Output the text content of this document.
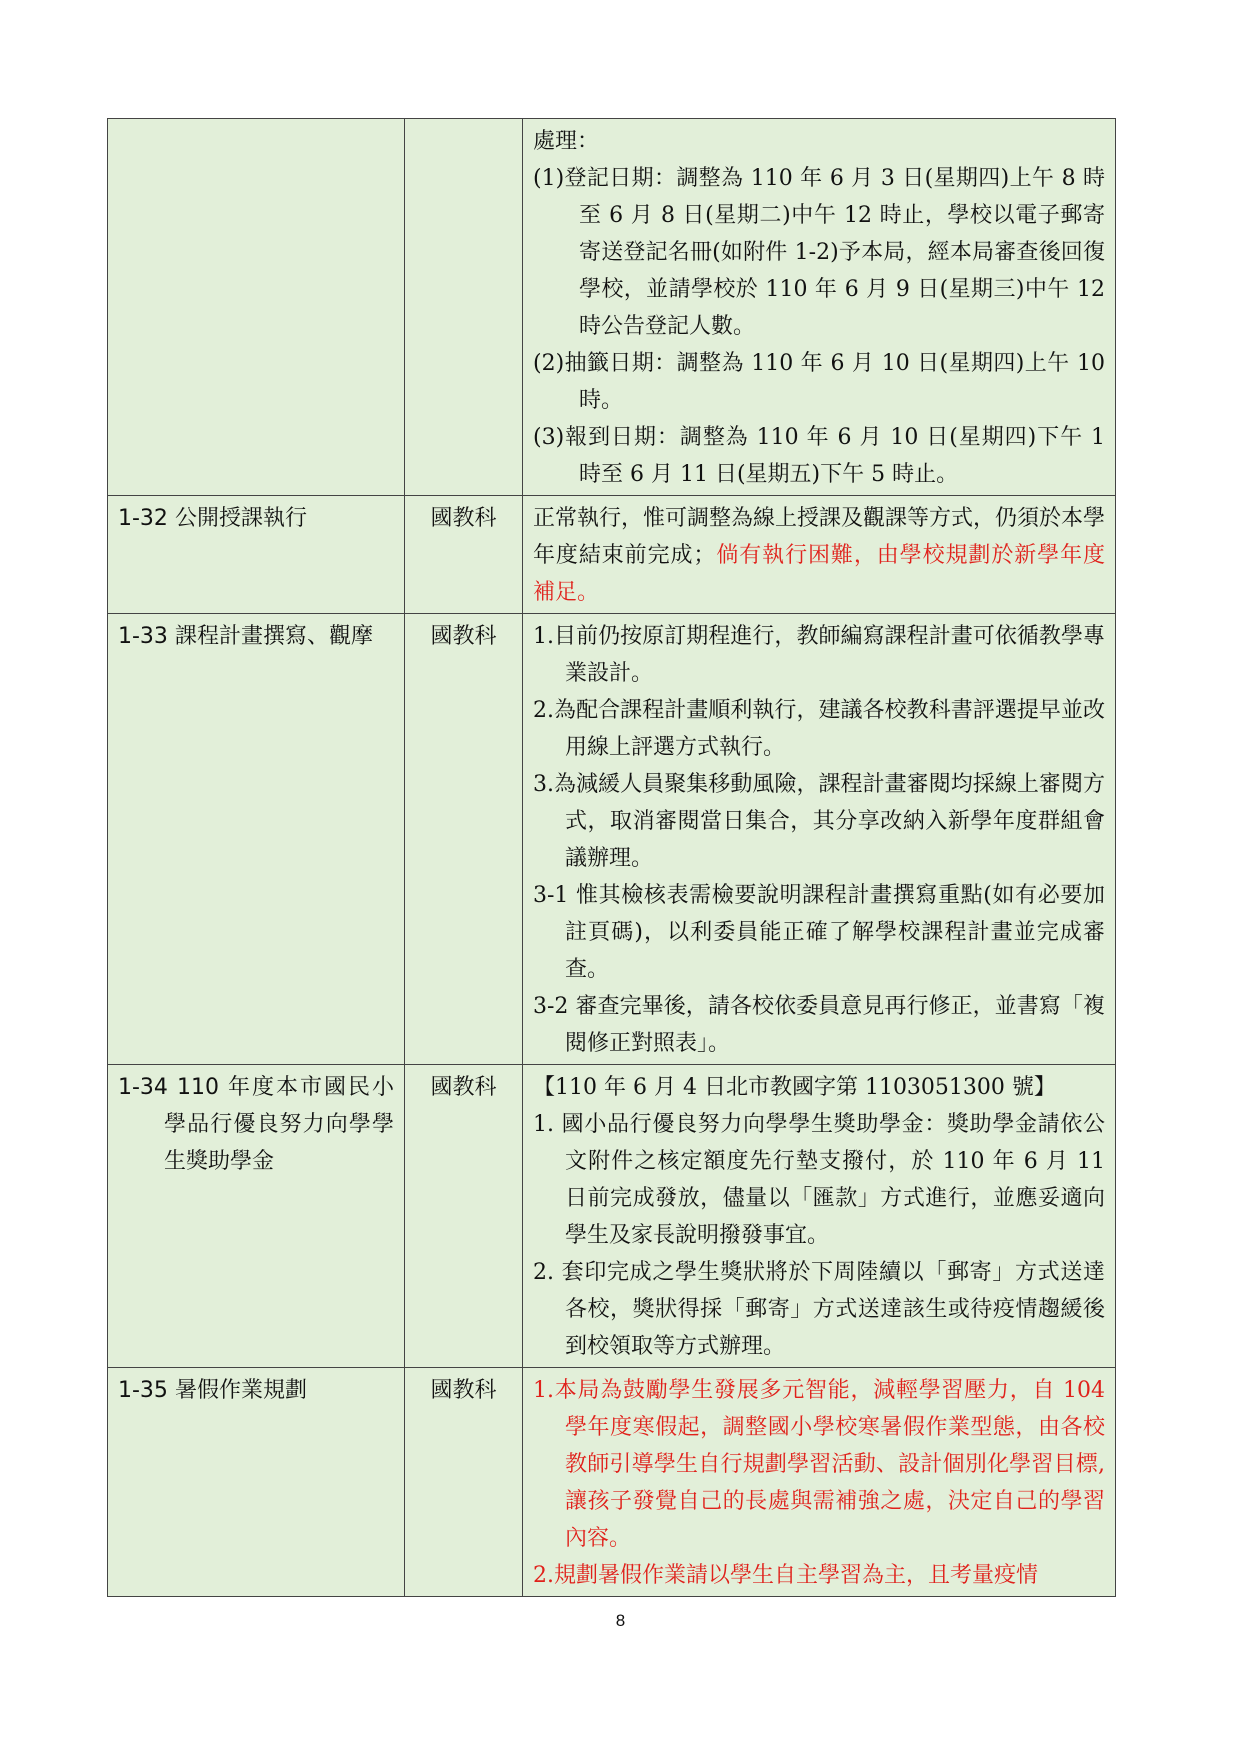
		處理：

(1)登記日期：調整為 110 年 6 月 3 日(星期四)上午 8 時至 6 月 8 日(星期二)中午 12 時止，學校以電子郵寄寄送登記名冊(如附件 1-2)予本局，經本局審查後回復學校，並請學校於 110 年 6 月 9 日(星期三)中午 12 時公告登記人數。

(2)抽籤日期：調整為 110 年 6 月 10 日(星期四)上午 10 時。

(3)報到日期：調整為 110 年 6 月 10 日(星期四)下午 1 時至 6 月 11 日(星期五)下午 5 時止。

1-32 公開授課執行	國教科	正常執行，惟可調整為線上授課及觀課等方式，仍須於本學年度結束前完成；倘有執行困難，由學校規劃於新學年度補足。

1-33 課程計畫撰寫、觀摩	國教科	1.目前仍按原訂期程進行，教師編寫課程計畫可依循教學專業設計。

2.為配合課程計畫順利執行，建議各校教科書評選提早並改用線上評選方式執行。

3.為減緩人員聚集移動風險，課程計畫審閱均採線上審閱方式，取消審閱當日集合，其分享改納入新學年度群組會議辦理。

3-1 惟其檢核表需檢要說明課程計畫撰寫重點(如有必要加註頁碼)，以利委員能正確了解學校課程計畫並完成審查。

3-2 審查完畢後，請各校依委員意見再行修正，並書寫「複閱修正對照表」。

1-34 110 年度本市國民小學品行優良努力向學學生獎助學金	國教科	【110 年 6 月 4 日北市教國字第 1103051300 號】

1. 國小品行優良努力向學學生獎助學金：獎助學金請依公文附件之核定額度先行墊支撥付，於 110 年 6 月 11 日前完成發放，儘量以「匯款」方式進行，並應妥適向學生及家長說明撥發事宜。

2. 套印完成之學生獎狀將於下周陸續以「郵寄」方式送達各校，獎狀得採「郵寄」方式送達該生或待疫情趨緩後到校領取等方式辦理。

1-35 暑假作業規劃	國教科	1.本局為鼓勵學生發展多元智能，減輕學習壓力，自 104 學年度寒假起，調整國小學校寒暑假作業型態，由各校教師引導學生自行規劃學習活動、設計個別化學習目標,讓孩子發覺自己的長處與需補強之處，決定自己的學習內容。

2.規劃暑假作業請以學生自主學習為主，且考量疫情

8
